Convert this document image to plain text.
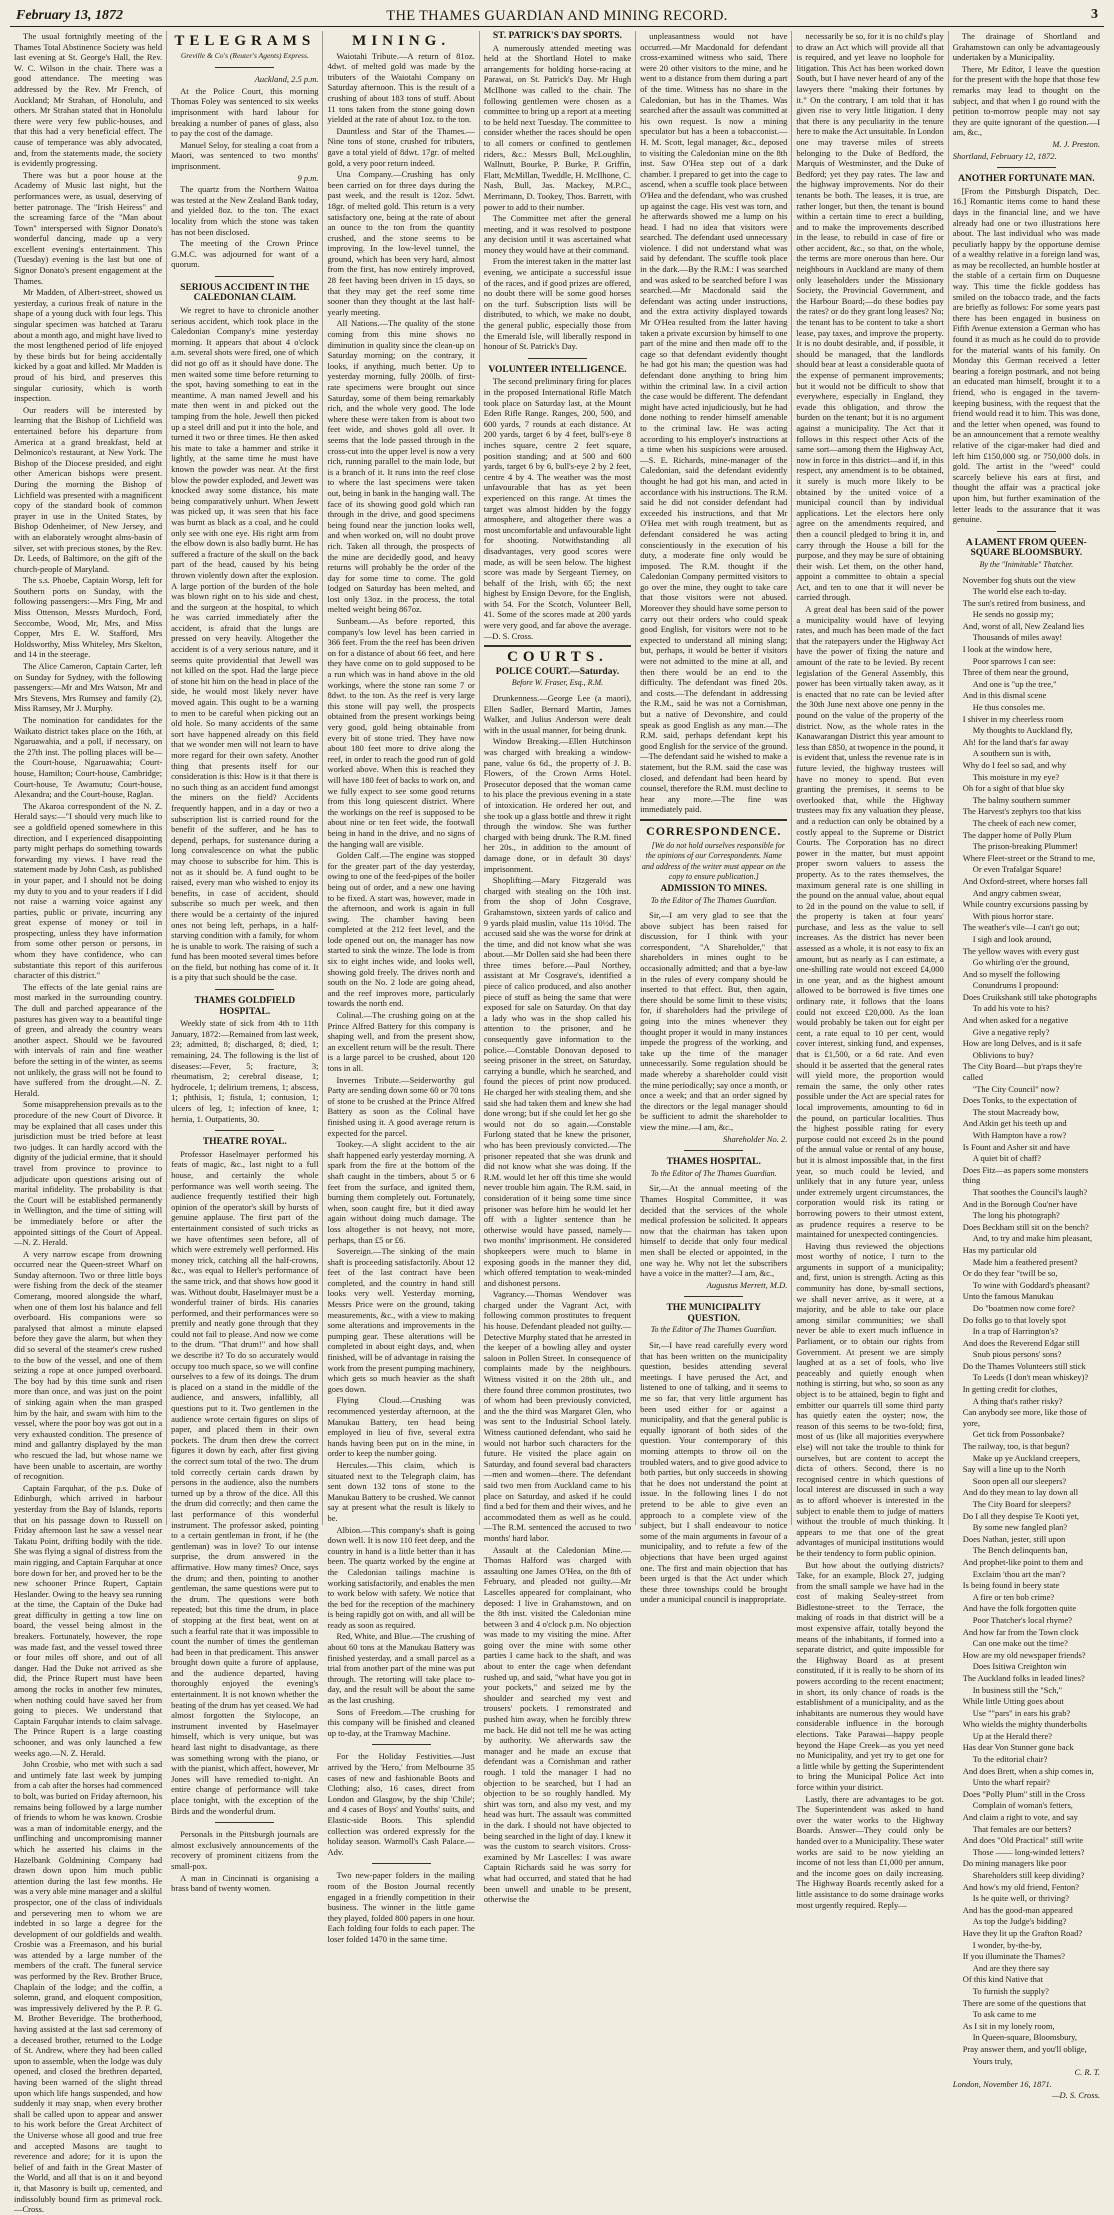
February 13, 1872	THE THAMES GUARDIAN AND MINING RECORD.	3

The usual fortnightly meeting of the Thames Total Abstinence Society was held last evening at St. George's Hall, the Rev. W. C. Wilson in the chair. There was a good attendance. The meeting was addressed by the Rev. Mr French, of Auckland; Mr Strahan, of Honolulu, and others. Mr Strahan stated that in Honolulu there were very few public-houses, and that this had a very beneficial effect. The cause of temperance was ably advocated, and, from the statements made, the society is evidently progressing.

There was but a poor house at the Academy of Music last night, but the performances were, as usual, deserving of better patronage. The "Irish Heiress" and the screaming farce of the "Man about Town" interspersed with Signor Donato's wonderful dancing, made up a very excellent evening's entertainment. This (Tuesday) evening is the last but one of Signor Donato's present engagement at the Thames.

Mr Madden, of Albert-street, showed us yesterday, a curious freak of nature in the shape of a young duck with four legs. This singular specimen was hatched at Tararu about a month ago, and might have lived to the most lengthened period of life enjoyed by these birds but for being accidentally kicked by a goat and killed. Mr Madden is proud of his bird, and preserves this singular curiosity, which is worth inspection.

Our readers will be interested by learning that the Bishop of Lichfield was entertained before his departure from America at a grand breakfast, held at Delmonico's restaurant, at New York. The Bishop of the Diocese presided, and eight other American bishops were present. During the morning the Bishop of Lichfield was presented with a magnificent copy of the standard book of common prayer in use in the United States, by Bishop Odenheimer, of New Jersey, and with an elaborately wrought alms-basin of silver, set with precious stones, by the Rev. Dr. Leeds, of Baltimore, on the gift of the church-people of Maryland.

The s.s. Phoebe, Captain Worsp, left for Southern ports on Sunday, with the following passengers:—Mrs Fing, Mr and Miss Ottenson, Messrs Murdoch, Ford, Seccombe, Wood, Mr, Mrs, and Miss Copper, Mrs E. W. Stafford, Mrs Holdsworthy, Miss Whiteley, Mrs Skelton, and 14 in the steerage.

The Alice Cameron, Captain Carter, left on Sunday for Sydney, with the following passengers:—Mr and Mrs Watson, Mr and Mrs Stevens, Mrs Rumsey and family (2), Miss Ramsey, Mr J. Murphy.

The nomination for candidates for the Waikato district takes place on the 16th, at Ngaruawahia, and a poll, if necessary, on the 27th inst. The polling places will be—the Court-house, Ngaruawahia; Court-house, Hamilton; Court-house, Cambridge; Court-house, Te Awamutu; Court-house, Alexandra; and the Court-house, Raglan.

The Akaroa correspondent of the N. Z. Herald says:—"I should very much like to see a goldfield opened somewhere in this direction, and I experienced disappointing party might perhaps do something towards forwarding my views. I have read the statement made by John Cash, as published in your paper, and I should not be doing my duty to you and to your readers if I did not raise a warning voice against any parties, public or private, incurring any great expense of money or toil in prospecting, unless they have information from some other person or persons, in whom they have confidence, who can substantiate this report of this auriferous character of this district."

The effects of the late genial rains are most marked in the surrounding country. The dull and parched appearance of the pastures has given way to a beautiful tinge of green, and already the country wears another aspect. Should we be favoured with intervals of rain and fine weather before the setting in of the winter, as seems not unlikely, the grass will not be found to have suffered from the drought.—N. Z. Herald.

Some misapprehension prevails as to the procedure of the new Court of Divorce. It may be explained that all cases under this jurisdiction must be tried before at least two judges. It can hardly accord with the dignity of the judicial ermine, that it should travel from province to province to adjudicate upon questions arising out of marital infidelity. The probability is that the Court will be established permanently in Wellington, and the time of sitting will be immediately before or after the appointed sittings of the Court of Appeal.—N. Z. Herald.

A very narrow escape from drowning occurred near the Queen-street Wharf on Sunday afternoon. Two or three little boys were fishing from the deck of the steamer Comerang, moored alongside the wharf, when one of them lost his balance and fell overboard. His companions were so paralysed that almost a minute elapsed before they gave the alarm, but when they did so several of the steamer's crew rushed to the bow of the vessel, and one of them seizing a rope at once jumped overboard. The boy had by this time sunk and risen more than once, and was just on the point of sinking again when the man grasped him by the hair, and swam with him to the vessel, where the poor boy was got out in a very exhausted condition. The presence of mind and gallantry displayed by the man who rescued the lad, but whose name we have been unable to ascertain, are worthy of recognition.

Captain Farquhar, of the p.s. Duke of Edinburgh, which arrived in harbour yesterday from the Bay of Islands, reports that on his passage down to Russell on Friday afternoon last he saw a vessel near Takatu Point, drifting bodily with the tide. She was flying a signal of distress from the main rigging, and Captain Farquhar at once bore down for her, and proved her to be the new schooner Prince Rupert, Captain Heslander. Owing to the heavy sea running at the time, the Captain of the Duke had great difficulty in getting a tow line on board, the vessel being almost in the breakers. Fortunately, however, the rope was made fast, and the vessel towed three or four miles off shore, and out of all danger. Had the Duke not arrived as she did, the Prince Rupert must have been among the rocks in another few minutes, when nothing could have saved her from going to pieces. We understand that Captain Farquhar intends to claim salvage. The Prince Rupert is a large coasting schooner, and was only launched a few weeks ago.—N. Z. Herald.

John Crosbie, who met with such a sad and untimely fate last week by jumping from a cab after the horses had commenced to bolt, was buried on Friday afternoon, his remains being followed by a large number of friends to whom he was known. Crosbie was a man of indomitable energy, and the unflinching and uncompromising manner which he asserted his claims in the Hazelbank Goldmining Company had drawn down upon him much public attention during the last few months. He was a very able mine manager and a skilful prospector, one of the class of individuals and persevering men to whom we are indebted in so large a degree for the development of our goldfields and wealth. Crosbie was a Freemason, and his burial was attended by a large number of the members of the craft. The funeral service was performed by the Rev. Brother Bruce, Chaplain of the lodge; and the coffin, a solemn, grand, and eloquent composition, was impressively delivered by the P. P. G. M. Brother Beveridge. The brotherhood, having assisted at the last sad ceremony of a deceased brother, returned to the Lodge of St. Andrew, where they had been called upon to assemble, when the lodge was duly opened, and closed the brethren departed, having been warned of the slight thread upon which life hangs suspended, and how suddenly it may snap, when every brother shall be called upon to appear and answer to his work before the Great Architect of the Universe whose all good and true free and accepted Masons are taught to reverence and adore; for it is upon the belief of and faith in the Great Master of the World, and all that is on it and beyond it, that Masonry is built up, cemented, and indissolubly bound firm as primeval rock.—Cross.

TELEGRAMS
Greville & Co's (Reuter's Agents) Express.

Auckland, 2.5 p.m.

At the Police Court, this morning Thomas Foley was sentenced to six weeks imprisonment with hard labour for breaking a number of panes of glass, also to pay the cost of the damage.

Manuel Seloy, for stealing a coat from a Maori, was sentenced to two months' imprisonment.

9 p.m.

The quartz from the Northern Waitoa was tested at the New Zealand Bank today, and yielded 8oz. to the ton. The exact locality from which the stone was taken has not been disclosed.

The meeting of the Crown Prince G.M.C. was adjourned for want of a quorum.

SERIOUS ACCIDENT IN THE CALEDONIAN CLAIM.

We regret to have to chronicle another serious accident, which took place in the Caledonian Company's mine yesterday morning. It appears that about 4 o'clock a.m. several shots were fired, one of which did not go off as it should have done. The men waited some time before returning to the spot, having something to eat in the meantime. A man named Jewell and his mate then went in and picked out the tamping from the hole. Jewell then picked up a steel drill and put it into the hole, and turned it two or three times. He then asked his mate to take a hammer and strike it lightly, at the same time he must have known the powder was near. At the first blow the powder exploded, and Jewett was knocked away some distance, his mate being comparatively unhurt. When Jewett was picked up, it was seen that his face was burnt as black as a coal, and he could only see with one eye. His right arm from the elbow down is also badly burnt. He has suffered a fracture of the skull on the back part of the head, caused by his being thrown violently down after the explosion. A large portion of the burden of the hole was blown right on to his side and chest, and the surgeon at the hospital, to which he was carried immediately after the accident, is afraid that the lungs are pressed on very heavily. Altogether the accident is of a very serious nature, and it seems quite providential that Jewell was not killed on the spot. Had the large piece of stone hit him on the head in place of the side, he would most likely never have moved again. This ought to be a warning to men to be careful when picking out an old hole. So many accidents of the same sort have happened already on this field that we wonder men will not learn to have more regard for their own safety. Another thing that presents itself for our consideration is this: How is it that there is no such thing as an accident fund amongst the miners on the field? Accidents frequently happen, and in a day or two a subscription list is carried round for the benefit of the sufferer, and he has to depend, perhaps, for sustenance during a long convalescence on what the public may choose to subscribe for him. This is not as it should be. A fund ought to be raised, every man who wished to enjoy its benefits, in case of accident, should subscribe so much per week, and then there would be a certainty of the injured ones not being left, perhaps, in a half-starving condition with a family, for whom he is unable to work. The raising of such a fund has been mooted several times before on the field, but nothing has come of it. It is a pity that such should be the case.

THAMES GOLDFIELD HOSPITAL.

Weekly state of sick from 4th to 11th January, 1872:—Remained from last week, 23; admitted, 8; discharged, 8; died, 1; remaining, 24. The following is the list of diseases:—Fever, 5; fracture, 3; rheumatism, 2; cerebral disease, 1; hydrocele, 1; delirium tremens, 1; abscess, 1; phthisis, 1; fistula, 1; contusion, 1; ulcers of leg, 1; infection of knee, 1; hernia, 1. Outpatients, 30.

THEATRE ROYAL.

Professor Haselmayer performed his feats of magic, &c., last night to a full house, and certainly the whole performance was well worth seeing. The audience frequently testified their high opinion of the operator's skill by bursts of genuine applause. The first part of the entertainment consisted of such tricks as we have oftentimes seen before, all of which were extremely well performed. His money trick, catching all the half-crowns, &c., was equal to Heller's performance of the same trick, and that shows how good it was. Without doubt, Haselmayer must be a wonderful trainer of birds. His canaries performed, and their performances were so prettily and neatly gone through that they could not fail to please. And now we come to the drum. "That drum!" and how shall we describe it? To do so accurately would occupy too much space, so we will confine ourselves to a few of its doings. The drum is placed on a stand in the middle of the audience, and answers, infallibly, all questions put to it. Two gentlemen in the audience wrote certain figures on slips of paper, and placed them in their own pockets. The drum then drew the correct figures it down by each, after first giving the correct sum total of the two. The drum told correctly certain cards drawn by persons in the audience, also the numbers turned up by a throw of the dice. All this the drum did correctly; and then came the last performance of this wonderful instrument. The professor asked, pointing to a certain gentleman in front, if he (the gentleman) was in love? To our intense surprise, the drum answered in the affirmative. How many times? Once, says the drum; and then, pointing to another gentleman, the same questions were put to the drum. The questions were both repeated; but this time the drum, in place of stopping at the first beat, went on at such a fearful rate that it was impossible to count the number of times the gentleman had been in that predicament. This answer brought down quite a furore of applause, and the audience departed, having thoroughly enjoyed the evening's entertainment. It is not known whether the beating of the drum has yet ceased. We had almost forgotten the Stylocope, an instrument invented by Haselmayer himself, which is very unique, but was heard last night to disadvantage, as there was something wrong with the piano, or with the pianist, which affect, however, Mr Jones will have remedied to-night. An entire change of performance will take place tonight, with the exception of the Birds and the wonderful drum.

Personals in the Pittsburgh journals are almost exclusively announcements of the recovery of prominent citizens from the small-pox.

A man in Cincinnati is organising a brass band of twenty women.

MINING.

Waiotahi Tribute.—A return of 81oz. 4dwt. of melted gold was made by the tributers of the Waiotahi Company on Saturday afternoon. This is the result of a crushing of about 183 tons of stuff. About 11 tons taken from the stone going down yielded at the rate of about 1oz. to the ton.

Dauntless and Star of the Thames.—Nine tons of stone, crushed for tributers, gave a total yield of 8dwt. 17gr. of melted gold, a very poor return indeed.

Una Company.—Crushing has only been carried on for three days during the past week, and the result is 12oz. 5dwt. 18gr. of melted gold. This return is a very satisfactory one, being at the rate of about an ounce to the ton from the quantity crushed, and the stone seems to be improving. In the low-level tunnel, the ground, which has been very hard, almost from the first, has now entirely improved, 28 feet having been driven in 15 days, so that they may get the reef some time sooner than they thought at the last half-yearly meeting.

All Nations.—The quality of the stone coming from this mine shows no diminution in quality since the clean-up on Saturday morning; on the contrary, it looks, if anything, much better. Up to yesterday morning, fully 200lb. of first-rate specimens were brought out since Saturday, some of them being remarkably rich, and the whole very good. The lode where these were taken from is about two feet wide, and shows gold all over. It seems that the lode passed through in the cross-cut into the upper level is now a very rich, running parallel to the main lode, but is a branch of it. It runs into the reef close to where the last specimens were taken out, being in bank in the hanging wall. The face of its showing good gold which ran through in the drive, and good specimens being found near the junction looks well, and when worked on, will no doubt prove rich. Taken all through, the prospects of the mine are decidedly good, and heavy returns will probably be the order of the day for some time to come. The gold lodged on Saturday has been melted, and lost only 13oz. in the process, the total melted weight being 867oz.

Sunbeam.—As before reported, this company's low level has been carried in 366 feet. From the the reef has been driven on for a distance of about 66 feet, and here they have come on to gold supposed to be a run which was in hand above in the old workings, where the stone ran some 7 or 8dwt. to the ton. As the reef is very large this stone will pay well, the prospects obtained from the present workings being very good, gold being obtainable from every bit of stone tried. They have now about 180 feet more to drive along the reef, in order to reach the good run of gold worked above. When this is reached they will have 180 feet of backs to work on, and we fully expect to see some good returns from this long quiescent district. Where the workings on the reef is supposed to be about nine or ten feet wide, the footwall being in hand in the drive, and no signs of the hanging wall are visible.

Golden Calf.—The engine was stopped for the greater part of the day yesterday, owing to one of the feed-pipes of the boiler being out of order, and a new one having to be fixed. A start was, however, made in the afternoon, and work is again in full swing. The chamber having been completed at the 212 feet level, and the lode opened out on, the manager has now started to sink the winze. The lode is from six to eight inches wide, and looks well, showing gold freely. The drives north and south on the No. 2 lode are going ahead, and the reef improves more, particularly towards the north end.

Colinal.—The crushing going on at the Prince Alfred Battery for this company is shaping well, and from the present show, an excellent return will be the result. There is a large parcel to be crushed, about 120 tons in all.

Invernes Tribute.—Seiderworthy gul Party are sending down some 60 or 70 tons of stone to be crushed at the Prince Alfred Battery as soon as the Colinal have finished using it. A good average return is expected for the parcel.

Tookey.—A slight accident to the air shaft happened early yesterday morning. A spark from the fire at the bottom of the shaft caught in the timbers, about 5 or 6 feet from the surface, and ignited them, burning them completely out. Fortunately, when, soon caught fire, but it died away again without doing much damage. The loss altogether is not heavy, not more, perhaps, than £5 or £6.

Sovereign.—The sinking of the main shaft is proceeding satisfactorily. About 12 feet of the last contract have been completed, and the country in hand still looks very well. Yesterday morning, Messrs Price were on the ground, taking measurements, &c., with a view to making some alterations and improvements in the pumping gear. These alterations will be completed in about eight days, and, when finished, will be of advantage in raising the work from the present pumping machinery, which gets so much heavier as the shaft goes down.

Flying Cloud.—Crushing was recommenced yesterday afternoon, at the Manukau Battery, ten head being employed in lieu of five, several extra hands having been put on in the mine, in order to keep the number going.

Hercules.—This claim, which is situated next to the Telegraph claim, has sent down 132 tons of stone to the Manukau Battery to be crushed. We cannot say at present what the result is likely to be.

Albion.—This company's shaft is going down well. It is now 110 feet deep, and the country in hand is a little better than it has been. The quartz worked by the engine at the Caledonian tailings machine is working satisfactorily, and enables the men to work below with safety. We notice that the bed for the reception of the machinery is being rapidly got on with, and all will be ready as soon as required.

Red, White, and Blue.—The crushing of about 60 tons at the Manukau Battery was finished yesterday, and a small parcel as a trial from another part of the mine was put through. The retorting will take place to-day, and the result will be about the same as the last crushing.

Sons of Freedom.—The crushing for this company will be finished and cleaned up to-day, at the Tramway Machine.

For the Holiday Festivities.—Just arrived by the 'Hero,' from Melbourne 35 cases of new and fashionable Boots and Clothing; also, 16 cases, direct from London and Glasgow, by the ship 'Chile'; and 4 cases of Boys' and Youths' suits, and Elastic-side Boots. This splendid collection was ordered expressly for the holiday season. Warmoll's Cash Palace.—Adv.

Two new-paper folders in the mailing room of the Boston Journal recently engaged in a friendly competition in their business. The winner in the little game they played, folded 800 papers in one hour. Each folding four folds to each paper. The loser folded 1470 in the same time.

ST. PATRICK'S DAY SPORTS.

A numerously attended meeting was held at the Shortland Hotel to make arrangements for holding horse-racing at Parawai, on St. Patrick's Day. Mr Hugh McIlhone was called to the chair. The following gentlemen were chosen as a committee to bring up a report at a meeting to be held next Tuesday. The committee to consider whether the races should be open to all comers or confined to gentlemen riders, &c.: Messrs Bull, McLoughlin, Wallnutt, Bourke, P. Burke, P. Griffin, Flatt, McMillan, Tweddle, H. McIlhone, C. Nash, Bull, Jas. Mackey, M.P.C., Merrimann, D. Tookey, Thos. Barrett, with power to add to their number.

The Committee met after the general meeting, and it was resolved to postpone any decision until it was ascertained what money they would have at their command.

From the interest taken in the matter last evening, we anticipate a successful issue of the races, and if good prizes are offered, no doubt there will be some good horses on the turf. Subscription lists will be distributed, to which, we make no doubt, the general public, especially those from the Emerald Isle, will liberally respond in honour of St. Patrick's Day.

VOLUNTEER INTELLIGENCE.

The second preliminary firing for places in the proposed International Rifle Match took place on Saturday last, at the Mount Eden Rifle Range. Ranges, 200, 500, and 600 yards, 7 rounds at each distance. At 200 yards, target 6 by 4 feet, bull's-eye 8 inches square, centre 2 feet square, position standing; and at 500 and 600 yards, target 6 by 6, bull's-eye 2 by 2 feet, centre 4 by 4. The weather was the most unfavourable that has as yet been experienced on this range. At times the target was almost hidden by the foggy atmosphere, and altogether there was a most uncomfortable and unfavourable light for shooting. Notwithstanding all disadvantages, very good scores were made, as will be seen below. The highest score was made by Sergeant Tierney, on behalf of the Irish, with 65; the next highest by Ensign Devore, for the English, with 54. For the Scotch, Volunteer Bell, 41. Some of the scores made at 200 yards were very good, and far above the average.—D. S. Cross.

COURTS.

POLICE COURT.—Saturday.

Before W. Fraser, Esq., R.M.

Drunkenness.—George Lee (a maori), Ellen Sadler, Bernard Martin, James Walker, and Julius Anderson were dealt with in the usual manner, for being drunk.

Window Breaking.—Ellen Hutchinson was charged with breaking a window-pane, value 6s 6d., the property of J. B. Flowers, of the Crown Arms Hotel. Prosecutor deposed that the woman came to his place the previous evening in a state of intoxication. He ordered her out, and she took up a glass bottle and threw it right through the window. She was further charged with being drunk. The R.M. fined her 20s., in addition to the amount of damage done, or in default 30 days' imprisonment.

Shoplifting.—Mary Fitzgerald was charged with stealing on the 10th inst. from the shop of John Cosgrave, Grahamstown, sixteen yards of calico and 9 yards plaid muslin, value 11s 10½d. The accused said she was the worse for drink at the time, and did not know what she was about.—Mr Dollen said she had been there three times before.—Paul Northey, assistant at Mr Cosgrave's, identified a piece of calico produced, and also another piece of stuff as being the same that were exposed for sale on Saturday. On that day a lady who was in the shop called his attention to the prisoner, and he consequently gave information to the police.—Constable Donovan deposed to seeing prisoner in the street, on Saturday, carrying a bundle, which he searched, and found the pieces of print now produced. He charged her with stealing them, and she said she had taken them and knew she had done wrong; but if she could let her go she would not do so again.—Constable Furlong stated that he knew the prisoner, who has been previously convicted.—The prisoner repeated that she was drunk and did not know what she was doing. If the R.M. would let her off this time she would never trouble him again. The R.M. said, in consideration of it being some time since prisoner was before him he would let her off with a lighter sentence than he otherwise would have passed, namely—two months' imprisonment. He considered shopkeepers were much to blame in exposing goods in the manner they did, which offered temptation to weak-minded and dishonest persons.

Vagrancy.—Thomas Wendover was charged under the Vagrant Act, with following common prostitutes to frequent his house. Defendant pleaded not guilty.—Detective Murphy stated that he arrested in the keeper of a bowling alley and oyster saloon in Pollen Street. In consequence of complaints made by the neighbours. Witness visited it on the 28th ult., and there found three common prostitutes, two of whom had been previously convicted, and the the third was Margaret Glen, who was sent to the Industrial School lately. Witness cautioned defendant, who said he would not harbor such characters for the future. He visited the place again on Saturday, and found several bad characters—men and women—there. The defendant said two men from Auckland came to his place on Saturday, and asked if he could find a bed for them and their wives, and he accommodated them as well as he could.—The R.M. sentenced the accused to two months' hard labor.

Assault at the Caledonian Mine.—Thomas Halford was charged with assaulting one James O'Hea, on the 8th of February, and pleaded not guilty.—Mr Lascelles appeared for complainant, who deposed: I live in Grahamstown, and on the 8th inst. visited the Caledonian mine between 3 and 4 o'clock p.m. No objection was made to my visiting the mine. After going over the mine with some other parties I came back to the shaft, and was about to enter the cage when defendant rushed up, and said, "what have you got in your pockets," and seized me by the shoulder and searched my vest and trousers' pockets. I remonstrated and pushed him away, when he forcibly threw me back. He did not tell me he was acting by authority. We afterwards saw the manager and he made an excuse that defendant was a Cornishman and rather rough. I told the manager I had no objection to be searched, but I had an objection to be so roughly handled. My shirt was torn, and also my vest, and my head was hurt. The assault was committed in the dark. I should not have objected to being searched in the light of day. I knew it was the custom to search visitors. Cross-examined by Mr Lascelles: I was aware Captain Richards said he was sorry for what had occurred, and stated that he had been unwell and unable to be present, otherwise the

unpleasantness would not have occurred.—Mr Macdonald for defendant cross-examined witness who said, There were 20 other visitors to the mine, and he went to a distance from them during a part of the time. Witness has no share in the Caledonian, but has in the Thames. Was searched after the assault was committed at his own request. Is now a mining speculator but has a been a tobacconist.—H. M. Scott, legal manager, &c., deposed to visiting the Caledonian mine on the 8th inst. Saw O'Hea step out of a dark chamber. I prepared to get into the cage to ascend, when a scuffle took place between O'Hea and the defendant, who was crushed up against the cage. His vest was torn, and he afterwards showed me a lump on his head. I had no idea that visitors were searched. The defendant used unnecessary violence. I did not understand what was said by defendant. The scuffle took place in the dark.—By the R.M.: I was searched and was asked to be searched before I was searched.—Mr Macdonald said the defendant was acting under instructions, and the extra activity displayed towards Mr O'Hea resulted from the latter having taken a private excursion by himself to one part of the mine and then made off to the cage so that defendant evidently thought he had got his man; the question was had defendant done anything to bring him within the criminal law. In a civil action the case would be different. The defendant might have acted injudiciously, but he had done nothing to render himself amenable to the criminal law. He was acting according to his employer's instructions at a time when his suspicions were aroused.—S. E. Richards, mine-manager of the Caledonian, said the defendant evidently thought he had got his man, and acted in accordance with his instructions. The R.M. said he did not consider defendant had exceeded his instructions, and that Mr O'Hea met with rough treatment, but as defendant considered he was acting conscientiously in the execution of his duty, a moderate fine only would be imposed. The R.M. thought if the Caledonian Company permitted visitors to go over the mine, they ought to take care that those visitors were not abused. Moreover they should have some person to carry out their orders who could speak good English, for visitors were not to be expected to understand all mining slang; but, perhaps, it would be better if visitors were not admitted to the mine at all, and then there would be an end to the difficulty. The defendant was fined 20s. and costs.—The defendant in addressing the R.M., said he was not a Cornishman, but a native of Devonshire, and could speak as good English as any man.—The R.M. said, perhaps defendant kept his good English for the service of the ground.—The defendant said he wished to make a statement, but the R.M. said the case was closed, and defendant had been heard by counsel, therefore the R.M. must decline to hear any more.—The fine was immediately paid.

CORRESPONDENCE.

[We do not hold ourselves responsible for the opinions of our Correspondents. Name and address of the writer must appear on the copy to ensure publication.]

ADMISSION TO MINES.

To the Editor of The Thames Guardian.

Sir,—I am very glad to see that the above subject has been raised for discussion, for I think with your correspondent, "A Shareholder," that shareholders in mines ought to be occasionally admitted; and that a bye-law in the rules of every company should be inserted to that effect. But, then again, there should be some limit to these visits; for, if shareholders had the privilege of going into the mines whenever they thought proper it would in many instances impede the progress of the working, and take up the time of the manager unnecessarily. Some regulation should be made whereby a shareholder could visit the mine periodically; say once a month, or once a week; and that an order signed by the directors or the legal manager should be sufficient to admit the shareholder to view the mine.—I am, &c.,

Shareholder No. 2.

THAMES HOSPITAL.

To the Editor of The Thames Guardian.

Sir,—At the annual meeting of the Thames Hospital Committee, it was decided that the services of the whole medical profession be solicited. It appears now that the chairman has taken upon himself to decide that only four medical men shall be elected or appointed, in the one way he. Why not let the subscribers have a voice in the matter?—I am, &c.,

Augustus Merrett, M.D.

THE MUNICIPALITY QUESTION.

To the Editor of The Thames Guardian.

Sir,—I have read carefully every word that has been written on the municipality question, besides attending several meetings. I have perused the Act, and listened to one of talking, and it seems to me so far, that very little argument has been used either for or against a municipality, and that the general public is equally ignorant of both sides of the question. Your contemporary of this morning attempts to throw oil on the troubled waters, and to give good advice to both parties, but only succeeds in showing that he does not understand the point at issue. In the following lines I do not pretend to be able to give even an approach to a complete view of the subject, but I shall endeavour to notice some of the main arguments in favour of a municipality, and to refute a few of the objections that have been urged against one. The first and main objection that has been urged is that the Act under which these three townships could be brought under a municipal council is inappropriate.

necessarily be so, for it is no child's play to draw an Act which will provide all that is required, and yet leave no loophole for litigation. This Act has been worked down South, but I have never heard of any of the lawyers there "making their fortunes by it." On the contrary, I am told that it has given rise to very little litigation. I deny that there is any peculiarity in the tenure here to make the Act unsuitable. In London one may traverse miles of streets belonging to the Duke of Bedford, the Marquis of Westminster, and the Duke of Bedford; yet they pay rates. The law and the highway improvements. Nor do their tenants be both. The leases, it is true, are rather longer, but then, the tenant is bound within a certain time to erect a building, and to make the improvements described in the lease, to rebuild in case of fire or other accident, &c., so that, on the whole, the terms are more onerous than here. Our neighbours in Auckland are many of them only leaseholders under the Missionary Society, the Provincial Government, and the Harbour Board;—do these bodies pay the rates? or do they grant long leases? No; the tenant has to be content to take a short lease, pay taxes, and improve the property. It is no doubt desirable, and, if possible, it should be managed, that the landlords should bear at least a considerable quota of the expense of permanent improvements; but it would not be difficult to show that everywhere, especially in England, they evade this obligation, and throw the burden on the tenant; but it is no argument against a municipality. The Act that it follows in this respect other Acts of the same sort—among them the Highway Act, now in force in this district—and if, in this respect, any amendment is to be obtained, it surely is much more likely to be obtained by the united voice of a municipal council than by individual applications. Let the electors here only agree on the amendments required, and then a council pledged to bring it in, and carry through the House a bill for the purpose, and they may be sure of obtaining their wish. Let them, on the other hand, appoint a committee to obtain a special Act, and ten to one that it will never be carried through.

A great deal has been said of the power a municipality would have of levying rates, and much has been made of the fact that the ratepayers under the Highway Act have the power of fixing the nature and amount of the rate to be levied. By recent legislation of the General Assembly, this power has been virtually taken away, as it is enacted that no rate can be levied after the 30th June next above one penny in the pound on the value of the property of the district. Now, as the whole rates in the Kanawarangan District this year amount to less than £850, at twopence in the pound, it is evident that, unless the revenue rate is in future levied, the highway trustees will have no money to spend. But even granting the premises, it seems to be overlooked that, while the Highway trustees may fix any valuation they please, and a reduction can only be obtained by a costly appeal to the Supreme or District Courts. The Corporation has no direct power in the matter, but must appoint proper sworn valuers to assess the property. As to the rates themselves, the maximum general rate is one shilling in the pound on the annual value, about equal to 2d in the pound on the value to sell, if the property is taken at four years' purchase, and less as the value to sell increases. As the district has never been assessed as a whole, it is not easy to fix an amount, but as nearly as I can estimate, a one-shilling rate would not exceed £4,000 in one year, and as the highest amount allowed to be borrowed is five times one ordinary rate, it follows that the loans could not exceed £20,000. As the loan would probably be taken out for eight per cent, a rate equal to 10 per cent, would cover interest, sinking fund, and expenses, that is £1,500, or a 6d rate. And even should it be asserted that the general rates will yield more, the proportion would remain the same, the only other rates possible under the Act are special rates for local improvements, amounting to 6d in the pound, on particular localities. Thus the highest possible rating for every purpose could not exceed 2s in the pound of the annual value or rental of any house, but it is almost impossible that, in the first year, so much could be levied, and unlikely that in any future year, unless under extremely urgent circumstances, the corporation would risk its rating or borrowing powers to their utmost extent, as prudence requires a reserve to be maintained for unexpected contingencies.

Having thus reviewed the objections most worthy of notice, I turn to the arguments in support of a municipality; and, first, union is strength. Acting as this community has done, by-small sections, we shall never arrive, as it were, at a majority, and be able to take our place among similar communities; we shall never be able to exert much influence in Parliament, or to obtain our rights from Government. At present we are simply laughed at as a set of fools, who live peaceably and quietly enough when nothing is stirring, but who, so soon as any object is to be attained, begin to fight and embitter our quarrels till some third party has quietly eaten the oyster; now, the reason of this seems to be two-fold; first, most of us (like all majorities everywhere else) will not take the trouble to think for ourselves, but are content to accept the dicta of others. Second, there is no recognised centre in which questions of local interest are discussed in such a way as to afford whoever is interested in the subject to enable them to judge of matters without the trouble of much thinking. It appears to me that one of the great advantages of municipal institutions would be their tendency to form public opinion.

But how about the outlying districts? Take, for an example, Block 27, judging from the small sample we have had in the cost of making Sealey-street from Bidlestone-street to the Terrace, the making of roads in that district will be a most expensive affair, totally beyond the means of the inhabitants, if formed into a separate district, and quite impossible for the Highway Board as at present constituted, if it is really to be shorn of its powers according to the recent enactment; in short, its only chance of roads is the establishment of a municipality, and as the inhabitants are numerous they would have considerable influence in the borough elections. Take Parawai—happy people beyond the Hape Creek—as you yet need no Municipality, and yet try to get one for a little while by getting the Superintendent to bring the Municipal Police Act into force within your district.

Lastly, there are advantages to be got. The Superintendent was asked to hand over the water works to the Highway Boards. Answer—They could only be handed over to a Municipality. These water works are said to be now yielding an income of not less than £1,000 per annum, and the income goes on daily increasing. The Highway Boards recently asked for a little assistance to do some drainage works most urgently required. Reply—

The drainage of Shortland and Grahamstown can only be advantageously undertaken by a Municipality.

There, Mr Editor, I leave the question for the present with the hope that those few remarks may lead to thought on the subject, and that when I go round with the petition to-morrow people may not say they are quite ignorant of the question.—I am, &c.,

M. J. Preston.

Shortland, February 12, 1872.

ANOTHER FORTUNATE MAN.

[From the Pittsburgh Dispatch, Dec. 16.] Romantic items come to hand these days in the financial line, and we have already had one or two illustrations here about. The last individual who was made peculiarly happy by the opportune demise of a wealthy relative in a foreign land was, as may be recollected, an humble hostler at the stable of a certain firm on Duquesne way. This time the fickle goddess has smiled on the tobacco trade, and the facts are briefly as follows: For some years past there has been engaged in business on Fifth Avenue extension a German who has found it as much as he could do to provide for the material wants of his family. On Monday this German received a letter bearing a foreign postmark, and not being an educated man himself, brought it to a friend, who is engaged in the tavern-keeping business, with the request that the friend would read it to him. This was done, and the letter when opened, was found to be an announcement that a remote wealthy relative of the cigar-maker had died and left him £150,000 stg. or 750,000 dols. in gold. The artist in the "weed" could scarcely believe his ears at first, and thought the affair was a practical joke upon him, but further examination of the letter leads to the assurance that it was genuine.

A LAMENT FROM QUEEN-SQUARE BLOOMSBURY.

By the "Inimitable" Thatcher.

November fog shuts out the view

The world else each to-day.

The sun's retired from business, and

He sends no gossip my;

And, worst of all, New Zealand lies

Thousands of miles away!

I look at the window here,

Poor sparrows I can see:

Three of them near the ground,

And one is "up the tree,"

And in this dismal scene

He thus consoles me.

I shiver in my cheerless room

My thoughts to Auckland fly,

Ah! for the land that's far away

A southern sun is with,

Why do I feel so sad, and why

This moisture in my eye?

Oh for a sight of that blue sky

The balmy southern summer

The Harvest's zephyrs too that kiss

The cheek of each new comer,

The dapper home of Polly Plum

The prison-breaking Plummer!

Where Fleet-street or the Strand to me,

Or even Trafalgar Square!

And Oxford-street, where horses fall

And angry cabmen swear,

While country excursions passing by

With pious horror stare.

The weather's vile—I can't go out;

I sigh and look around,

The yellow waves with every gust

Go whirling o'er the ground,

And so myself the following

Conundrums I propound:

Does Cruikshank still take photographs

To add his vote to his?

And when asked for a negative

Give a negative reply?

How are long Delves, and is it safe

Oblivions to buy?

The City Board—but p'raps they're called

"The City Council" now?

Does Tonks, to the expectation of

The stout Macready bow,

And Atkin get his teeth up and

With Hampton have a row?

Is Fount and Asher sit and have

A quiet bit of chaff?

Does Fitz—as papers some monsters thing

That soothes the Council's laugh?

And in the Borough Cou'ner have

The long his photograph?

Does Beckham still sit on the bench?

And, to try and make him pleasant,

Has my particular old

Made him a feathered present?

Or do they fear "twill be so,

To wine with Goddard's pheasant?

Unto the famous Manukau

Do "boatmen now come fore?

Do folks go to that lovely spot

In a trap of Harrington's?

And does the Reverend Edgar still

Snub pious persons' sons?

Do the Thames Volunteers still stick

To Leeds (I don't mean whiskey)?

In getting credit for clothes,

A thing that's rather risky?

Can anybody see more, like those of yore,

Get tick from Possonbake?

The railway, too, is that begun?

Make up ye Auckland creepers,

Say will a line up to the North

Soon open all our sleepers?

And do they mean to lay down all

The City Board for sleepers?

Do I all they despise Te Kooti yet,

By some new fangled plan?

Does Nathan, jester, still upon

The Bench delinquents ban,

And prophet-like point to them and

Exclaim 'thou art the man'?

Is being found in beery state

A fire or ten bob crime?

And have the folk forgotten quite

Poor Thatcher's local rhyme?

And how far from the Town clock

Can one make out the time?

How are my old newspaper friends?

Does Isitiwa Creighton win

The Auckland folks in leaded lines?

In business still the "Sch,"

While little Utting goes about

Use ""pars" in ears his grab?

Who wields the mighty thunderbolts

Up at the Herald there?

Has dear Von Stunner gone back

To the editorial chair?

And does Brett, when a ship comes in,

Unto the wharf repair?

Does "Polly Plum" still in the Cross

Complain of woman's fetters,

And claim a right to vote, and say

That females are our betters?

And does "Old Practical" still write

Those —— long-winded letters?

Do mining managers like poor

Shareholders still keep dividing?

And how's my old friend, Fenton?

Is he quite well, or thriving?

And has the good-man appeared

As top the Judge's bidding?

Have they lit up the Grafton Road?

I wonder, by-the-by,

If you illuminate the Thames?

And are they there say

Of this kind Native that

To furnish the supply?

There are some of the questions that

To ask came to me

As I sit in my lonely room,

In Queen-square, Bloomsbury,

Pray answer them, and you'll oblige,

Yours truly,

C. R. T.

London, November 16, 1871.

—D. S. Cross.
